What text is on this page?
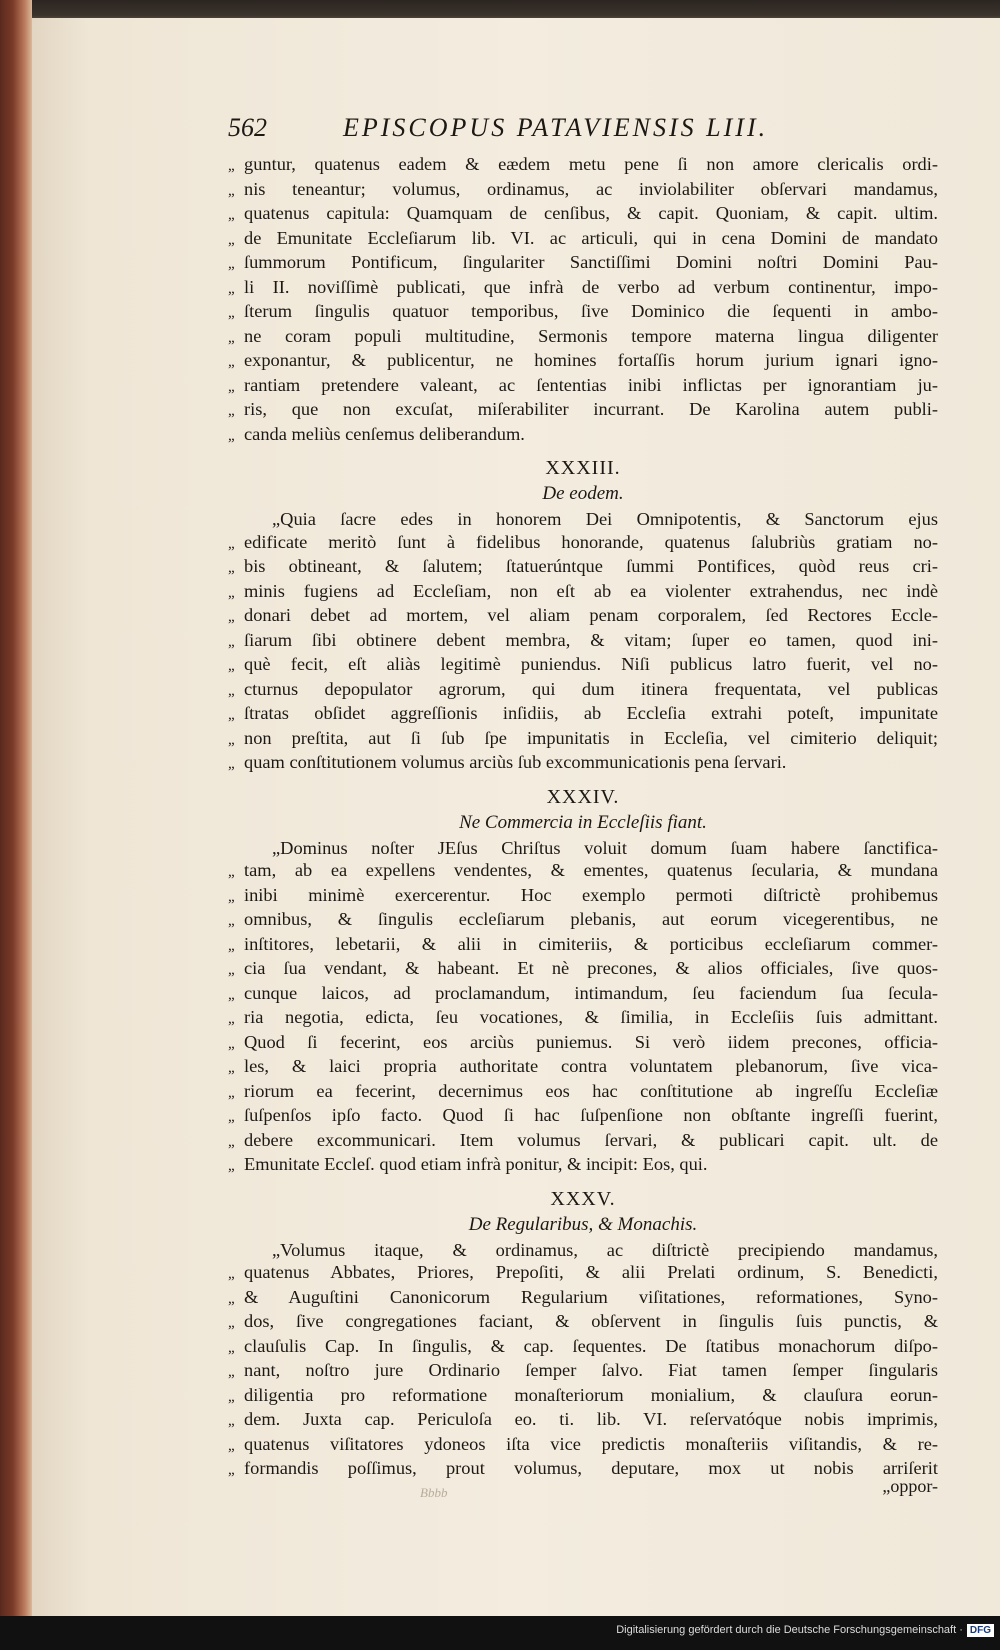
562	EPISCOPUS PATAVIENSIS LIII.
„ guntur, quatenus eadem & eædem metu pene ſi non amore clericalis ordi-
„ nis teneantur; volumus, ordinamus, ac inviolabiliter obſervari mandamus,
„ quatenus capitula: Quamquam de cenſibus, & capit. Quoniam, & capit. ultim.
„ de Emunitate Eccleſiarum lib. VI. ac articuli, qui in cena Domini de mandato
„ ſummorum Pontificum, ſingulariter Sanctiſſimi Domini noſtri Domini Pau-
„ li II. noviſſimè publicati, que infrà de verbo ad verbum continentur, impo-
„ ſterum ſingulis quatuor temporibus, ſive Dominico die ſequenti in ambo-
„ ne coram populi multitudine, Sermonis tempore materna lingua diligenter
„ exponantur, & publicentur, ne homines fortaſſis horum jurium ignari igno-
„ rantiam pretendere valeant, ac ſententias inibi inflictas per ignorantiam ju-
„ ris, que non excuſat, miſerabiliter incurrant. De Karolina autem publi-
„ canda meliùs cenſemus deliberandum.
XXXIII.
De eodem.
„Quia ſacre edes in honorem Dei Omnipotentis, & Sanctorum ejus
„ edificate meritò ſunt à fidelibus honorande, quatenus ſalubriùs gratiam no-
„ bis obtineant, & ſalutem; ſtatuerúntque ſummi Pontifices, quòd reus cri-
„ minis fugiens ad Eccleſiam, non eſt ab ea violenter extrahendus, nec indè
„ donari debet ad mortem, vel aliam penam corporalem, ſed Rectores Eccle-
„ ſiarum ſibi obtinere debent membra, & vitam; ſuper eo tamen, quod ini-
„ què fecit, eſt aliàs legitimè puniendus. Niſi publicus latro fuerit, vel no-
„ cturnus depopulator agrorum, qui dum itinera frequentata, vel publicas
„ ſtratas obſidet aggreſſionis inſidiis, ab Eccleſia extrahi poteſt, impunitate
„ non preſtita, aut ſi ſub ſpe impunitatis in Eccleſia, vel cimiterio deliquit;
„ quam conſtitutionem volumus arciùs ſub excommunicationis pena ſervari.
XXXIV.
Ne Commercia in Eccleſiis fiant.
„Dominus noſter JEſus Chriſtus voluit domum ſuam habere ſanctifica-
„ tam, ab ea expellens vendentes, & ementes, quatenus ſecularia, & mundana
„ inibi minimè exercerentur. Hoc exemplo permoti diſtrictè prohibemus
„ omnibus, & ſingulis eccleſiarum plebanis, aut eorum vicegerentibus, ne
„ inſtitores, lebetarii, & alii in cimiteriis, & porticibus eccleſiarum commer-
„ cia ſua vendant, & habeant. Et nè precones, & alios officiales, ſive quos-
„ cunque laicos, ad proclamandum, intimandum, ſeu faciendum ſua ſecula-
„ ria negotia, edicta, ſeu vocationes, & ſimilia, in Eccleſiis ſuis admittant.
„ Quod ſi fecerint, eos arciùs puniemus. Si verò iidem precones, officia-
„ les, & laici propria authoritate contra voluntatem plebanorum, ſive vica-
„ riorum ea fecerint, decernimus eos hac conſtitutione ab ingreſſu Eccleſiæ
„ ſuſpenſos ipſo facto. Quod ſi hac ſuſpenſione non obſtante ingreſſi fuerint,
„ debere excommunicari. Item volumus ſervari, & publicari capit. ult. de
„ Emunitate Eccleſ. quod etiam infrà ponitur, & incipit: Eos, qui.
XXXV.
De Regularibus, & Monachis.
„Volumus itaque, & ordinamus, ac diſtrictè precipiendo mandamus,
„ quatenus Abbates, Priores, Prepoſiti, & alii Prelati ordinum, S. Benedicti,
„ & Auguſtini Canonicorum Regularium viſitationes, reformationes, Syno-
„ dos, ſive congregationes faciant, & obſervent in ſingulis ſuis punctis, &
„ clauſulis Cap. In ſingulis, & cap. ſequentes. De ſtatibus monachorum diſpo-
„ nant, noſtro jure Ordinario ſemper ſalvo. Fiat tamen ſemper ſingularis
„ diligentia pro reformatione monaſteriorum monialium, & clauſura eorun-
„ dem. Juxta cap. Periculoſa eo. ti. lib. VI. reſervatóque nobis imprimis,
„ quatenus viſitatores ydoneos iſta vice predictis monaſteriis viſitandis, & re-
„ formandis poſſimus, prout volumus, deputare, mox ut nobis arriſerit
Bbbb	„oppor-
Digitalisierung gefördert durch die Deutsche Forschungsgemeinschaft · DFG
